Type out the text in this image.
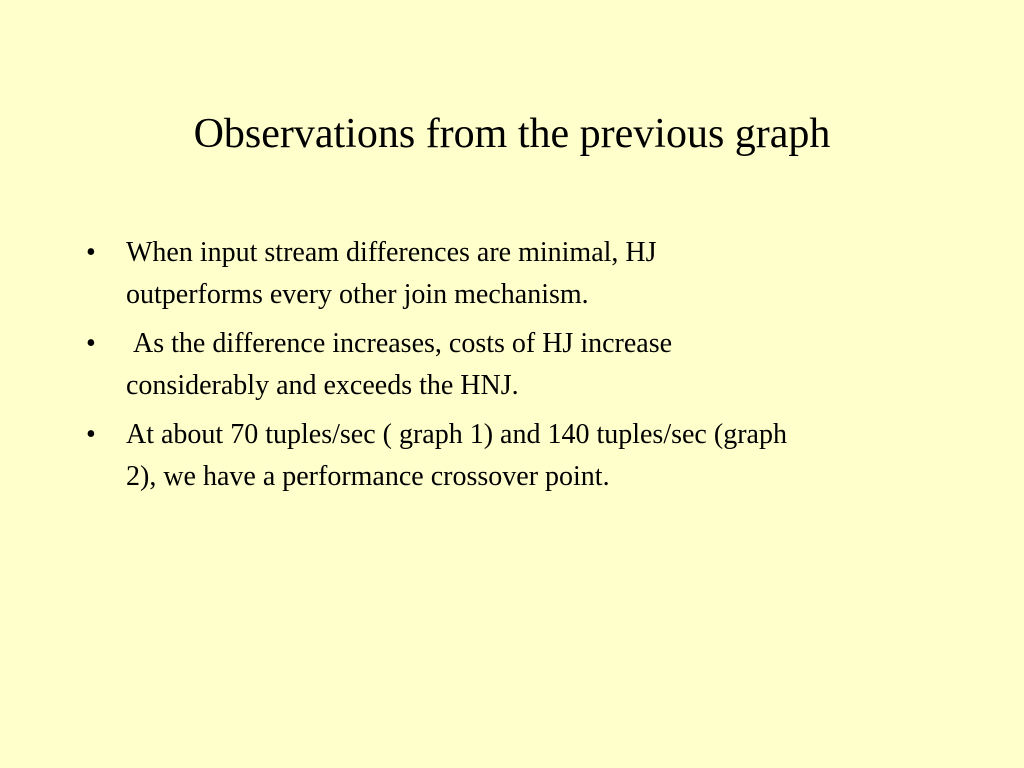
Observations from the previous graph
•	When input stream differences are minimal, HJ
outperforms every other join mechanism.
•	As the difference increases, costs of HJ increase
considerably and exceeds the HNJ.
•	At about 70 tuples/sec ( graph 1) and 140 tuples/sec (graph
2), we have a performance crossover point.
